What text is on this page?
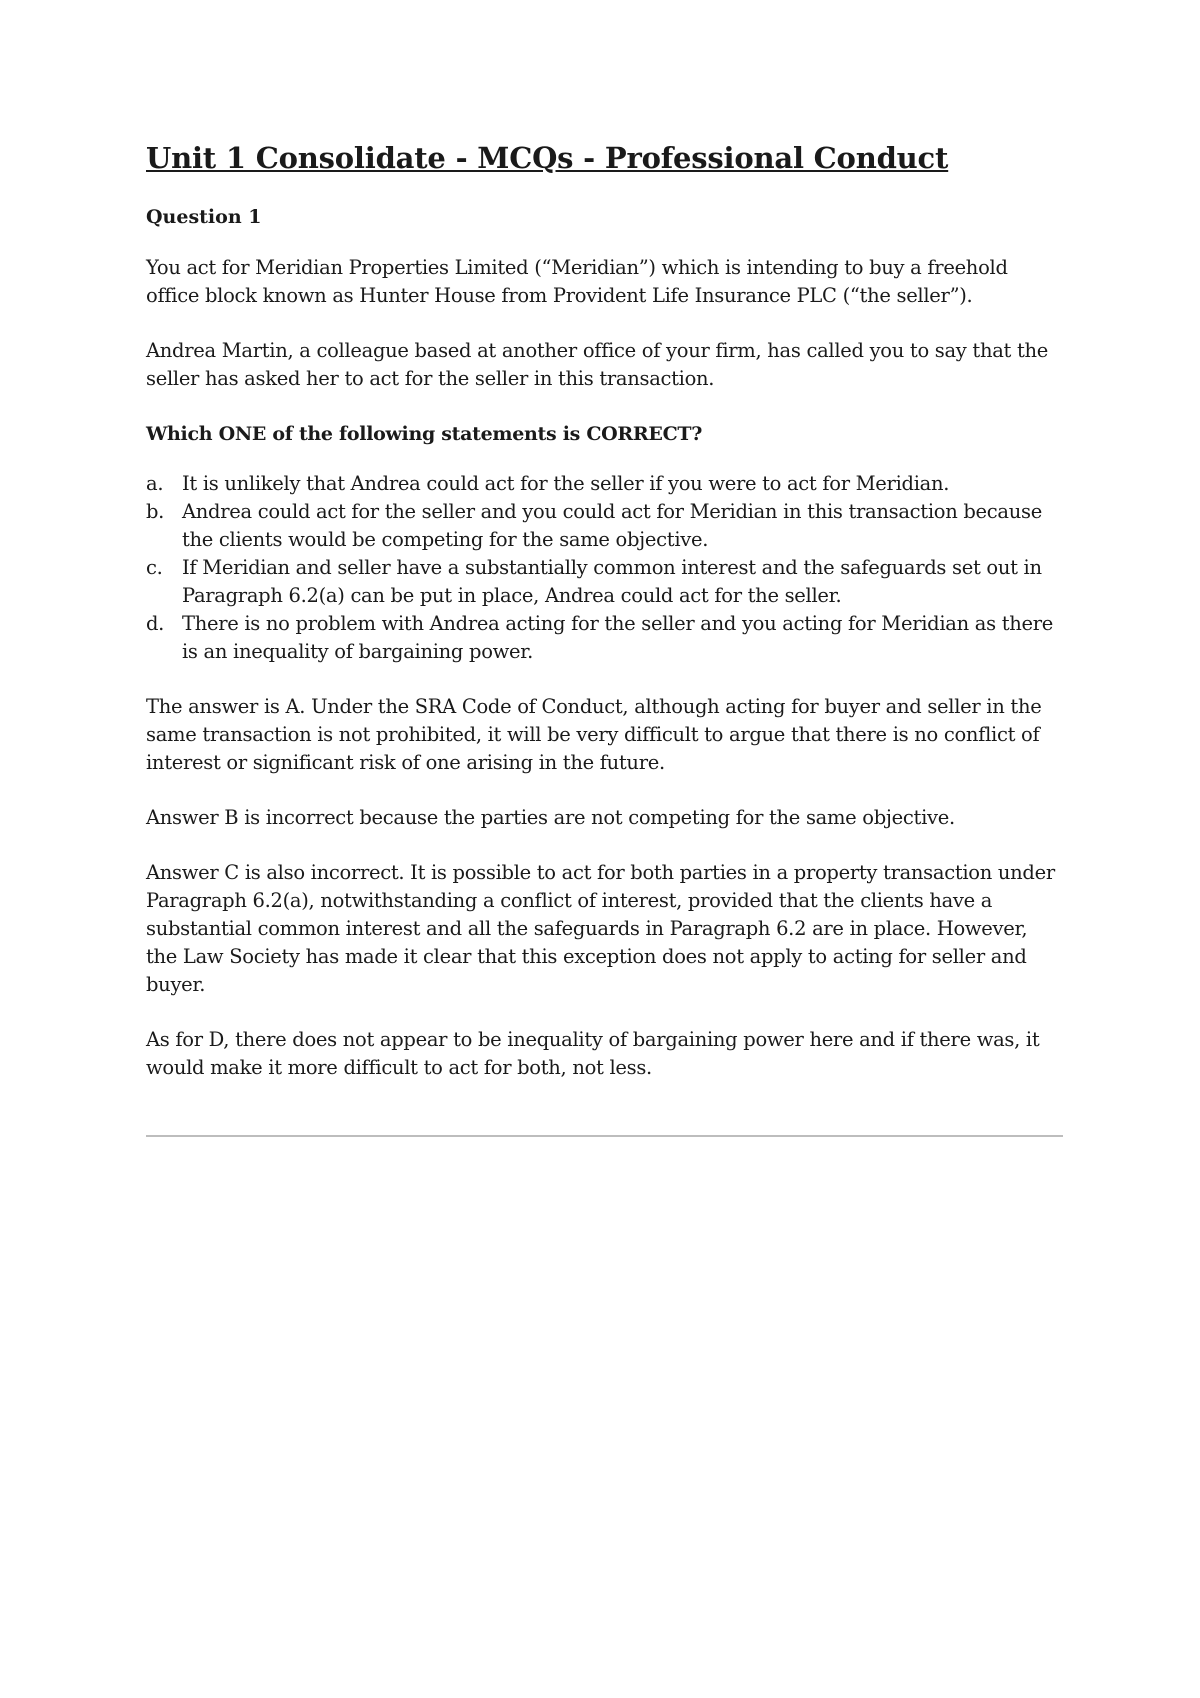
Unit 1 Consolidate - MCQs - Professional Conduct
Question 1

You act for Meridian Properties Limited (“Meridian”) which is intending to buy a freehold office block known as Hunter House from Provident Life Insurance PLC (“the seller”).

Andrea Martin, a colleague based at another office of your firm, has called you to say that the seller has asked her to act for the seller in this transaction.

Which ONE of the following statements is CORRECT?

a. It is unlikely that Andrea could act for the seller if you were to act for Meridian.
b. Andrea could act for the seller and you could act for Meridian in this transaction because the clients would be competing for the same objective.
c. If Meridian and seller have a substantially common interest and the safeguards set out in Paragraph 6.2(a) can be put in place, Andrea could act for the seller.
d. There is no problem with Andrea acting for the seller and you acting for Meridian as there is an inequality of bargaining power.

The answer is A. Under the SRA Code of Conduct, although acting for buyer and seller in the same transaction is not prohibited, it will be very difficult to argue that there is no conflict of interest or significant risk of one arising in the future.

Answer B is incorrect because the parties are not competing for the same objective.

Answer C is also incorrect. It is possible to act for both parties in a property transaction under Paragraph 6.2(a), notwithstanding a conflict of interest, provided that the clients have a substantial common interest and all the safeguards in Paragraph 6.2 are in place. However, the Law Society has made it clear that this exception does not apply to acting for seller and buyer.

As for D, there does not appear to be inequality of bargaining power here and if there was, it would make it more difficult to act for both, not less.
